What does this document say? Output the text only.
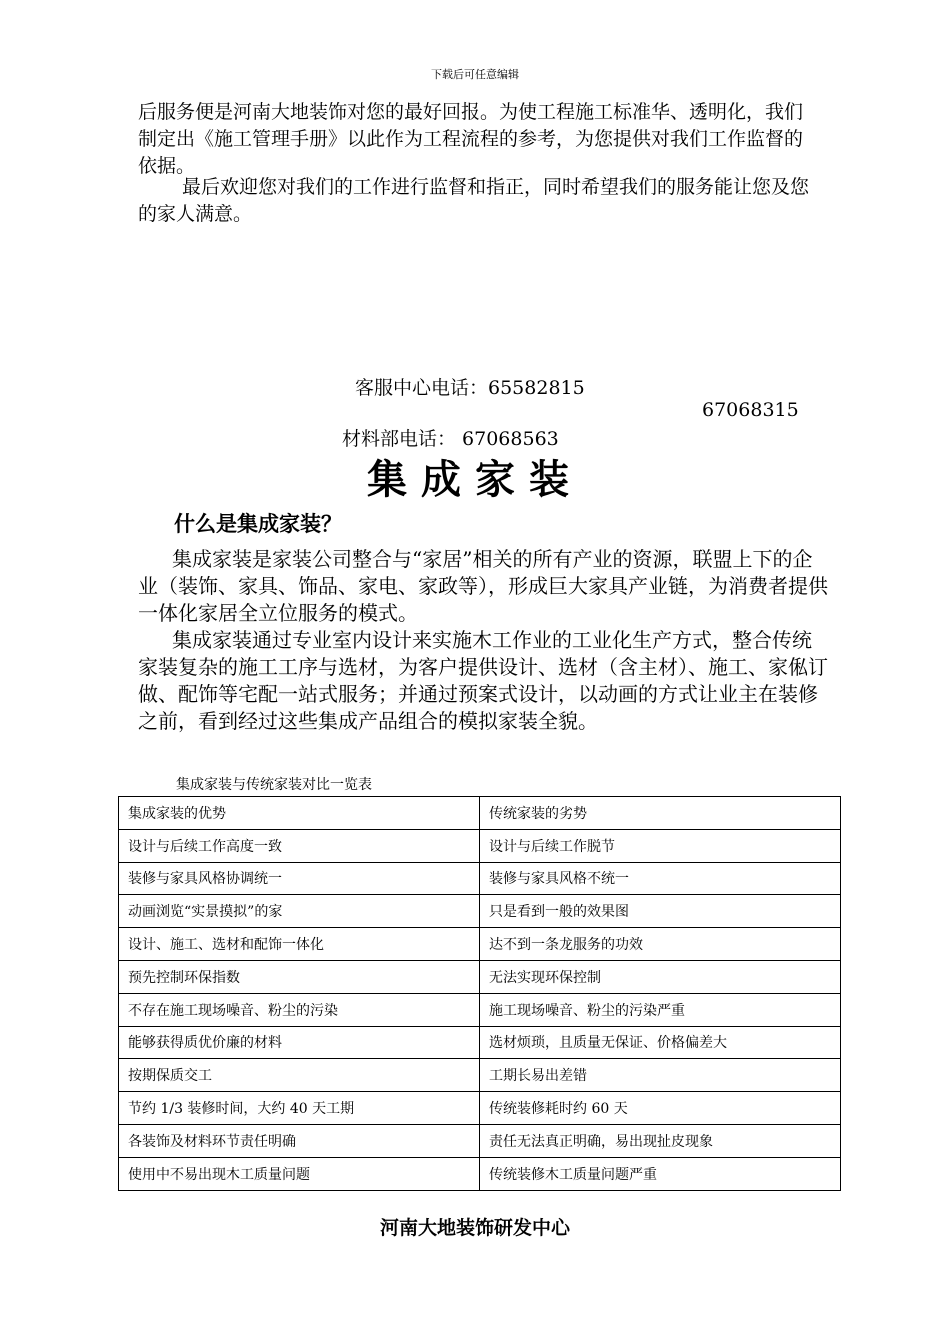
下载后可任意编辑
后服务便是河南大地装饰对您的最好回报。为使工程施工标准华、透明化，我们制定出《施工管理手册》以此作为工程流程的参考，为您提供对我们工作监督的依据。
最后欢迎您对我们的工作进行监督和指正，同时希望我们的服务能让您及您的家人满意。
客服中心电话：65582815
67068315
材料部电话： 67068563
集成家装
什么是集成家装？

集成家装是家装公司整合与“家居”相关的所有产业的资源，联盟上下的企业（装饰、家具、饰品、家电、家政等），形成巨大家具产业链，为消费者提供一体化家居全立位服务的模式。

集成家装通过专业室内设计来实施木工作业的工业化生产方式，整合传统家装复杂的施工工序与选材，为客户提供设计、选材（含主材）、施工、家俬订做、配饰等宅配一站式服务；并通过预案式设计，以动画的方式让业主在装修之前，看到经过这些集成产品组合的模拟家装全貌。

集成家装与传统家装对比一览表
集成家装的优势	传统家装的劣势
设计与后续工作高度一致	设计与后续工作脱节
装修与家具风格协调统一	装修与家具风格不统一
动画浏览“实景摸拟”的家	只是看到一般的效果图
设计、施工、选材和配饰一体化	达不到一条龙服务的功效
预先控制环保指数	无法实现环保控制
不存在施工现场噪音、粉尘的污染	施工现场噪音、粉尘的污染严重
能够获得质优价廉的材料	选材烦琐，且质量无保证、价格偏差大
按期保质交工	工期长易出差错
节约 1/3 装修时间，大约 40 天工期	传统装修耗时约 60 天
各装饰及材料环节责任明确	责任无法真正明确，易出现扯皮现象
使用中不易出现木工质量问题	传统装修木工质量问题严重
河南大地装饰研发中心
